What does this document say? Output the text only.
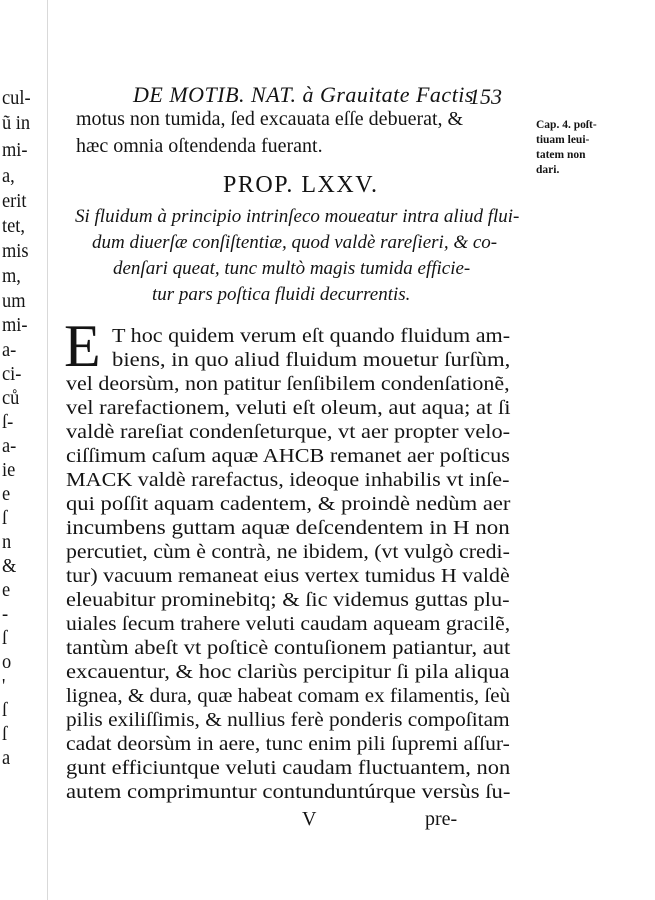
cul-
ũ in
mi-
a,
erit
tet,
mis
m,
um
mi-
a-
ci-
ců
ſ-
a-
ie
e
ſ
n
&
e
-
ſ
o
'
ſ
ſ
a
DE MOTIB. NAT. à Grauitate Factis
153
motus non tumida, ſed excauata eſſe debuerat, &
hæc omnia oſtendenda fuerant.
Cap. 4. poſt-
tiuam leui-
tatem non
dari.
PROP. LXXV.
Si fluidum à principio intrinſeco moueatur intra aliud flui-
dum diuerſæ conſiſtentiæ, quod valdè rareſieri, & co-
denſari queat, tunc multò magis tumida efficie-
tur pars poſtica fluidi decurrentis.
E T hoc quidem verum eſt quando fluidum am-
biens, in quo aliud fluidum mouetur ſurſùm,
vel deorsùm, non patitur ſenſibilem condenſationẽ,
vel rarefactionem, veluti eſt oleum, aut aqua; at ſi
valdè rareſiat condenſeturque, vt aer propter velo-
ciſſimum caſum aquæ AHCB remanet aer poſticus
MACK valdè rarefactus, ideoque inhabilis vt inſe-
qui poſſit aquam cadentem, & proindè nedùm aer
incumbens guttam aquæ deſcendentem in H non
percutiet, cùm è contrà, ne ibidem, (vt vulgò credi-
tur) vacuum remaneat eius vertex tumidus H valdè
eleuabitur prominebitq; & ſic videmus guttas plu-
uiales ſecum trahere veluti caudam aqueam gracilẽ,
tantùm abeſt vt poſticè contuſionem patiantur, aut
excauentur, & hoc clariùs percipitur ſi pila aliqua
lignea, & dura, quæ habeat comam ex filamentis, ſeù
pilis exiliſſimis, & nullius ferè ponderis compoſitam
cadat deorsùm in aere, tunc enim pili ſupremi aſſur-
gunt efficiuntque veluti caudam fluctuantem, non
autem comprimuntur contunduntúrque versùs ſu-
V	pre-
